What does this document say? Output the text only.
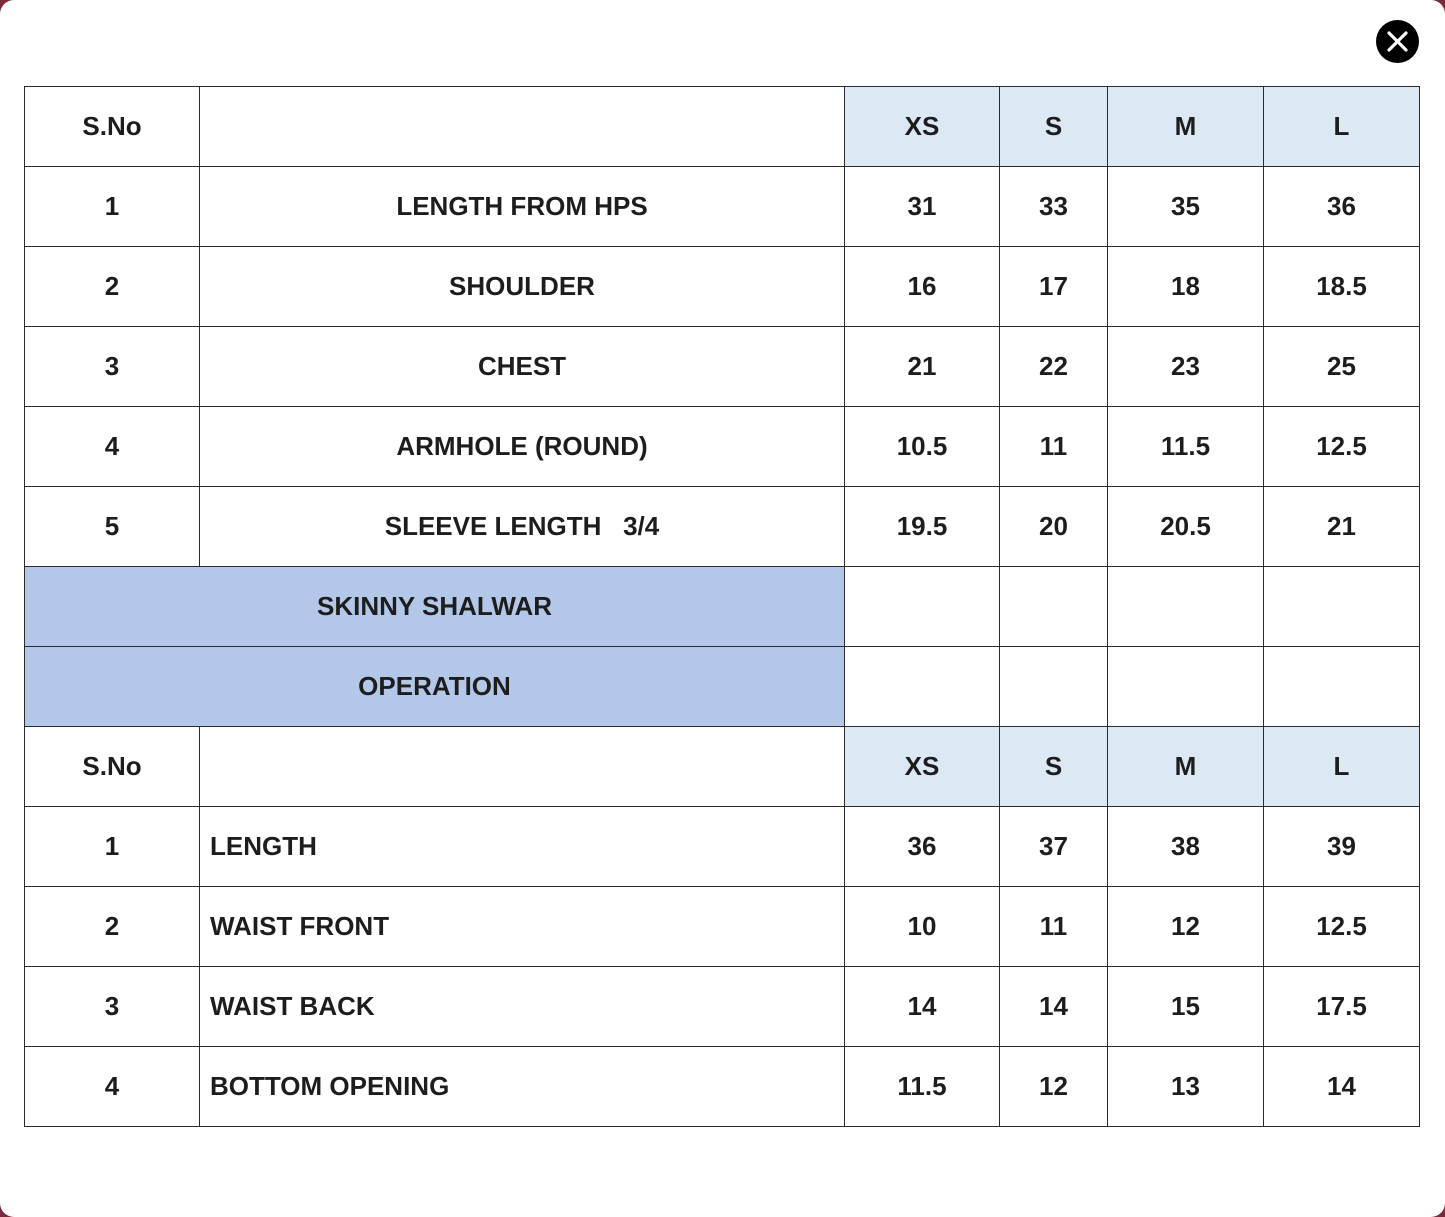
S.No		XS	S	M	L
1	LENGTH FROM HPS	31	33	35	36
2	SHOULDER	16	17	18	18.5
3	CHEST	21	22	23	25
4	ARMHOLE (ROUND)	10.5	11	11.5	12.5
5	SLEEVE LENGTH   3/4	19.5	20	20.5	21
SKINNY SHALWAR					
OPERATION					
S.No		XS	S	M	L
1	LENGTH	36	37	38	39
2	WAIST FRONT	10	11	12	12.5
3	WAIST BACK	14	14	15	17.5
4	BOTTOM OPENING	11.5	12	13	14
